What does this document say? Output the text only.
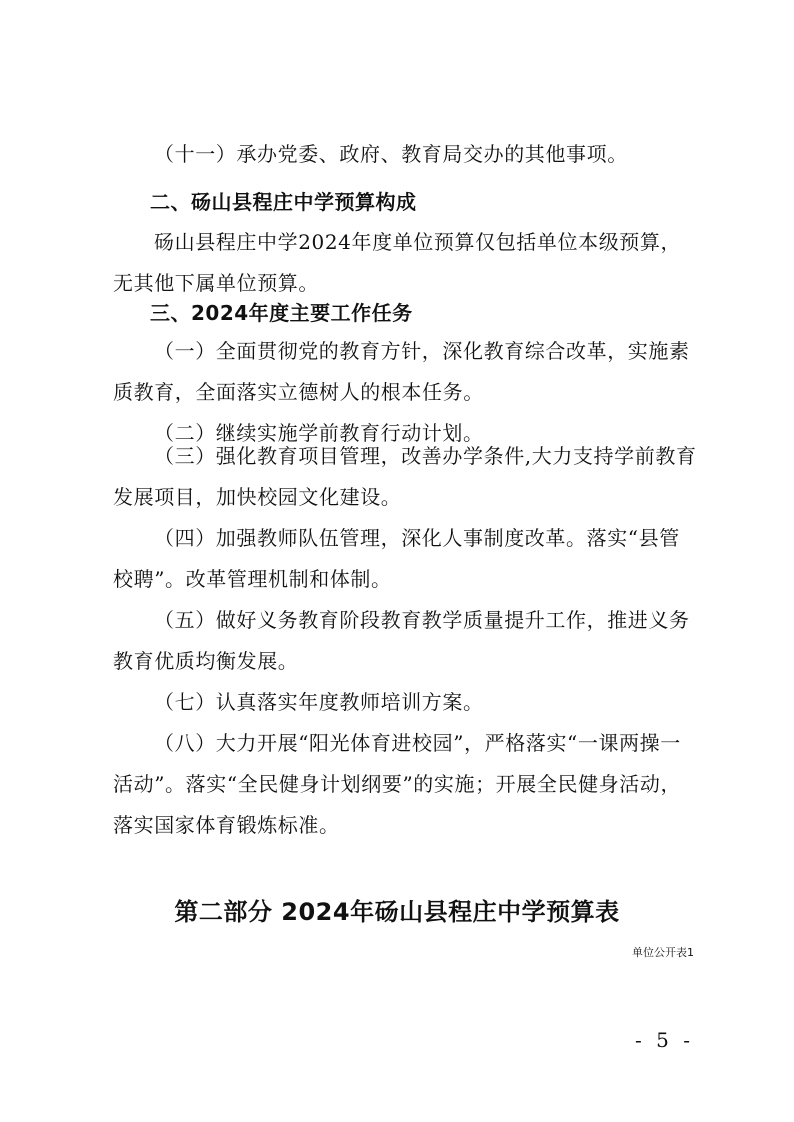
（十一）承办党委、政府、教育局交办的其他事项。

二、砀山县程庄中学预算构成

砀山县程庄中学2024年度单位预算仅包括单位本级预算，无其他下属单位预算。

三、2024年度主要工作任务

（一）全面贯彻党的教育方针，深化教育综合改革，实施素质教育，全面落实立德树人的根本任务。

（二）继续实施学前教育行动计划。

（三）强化教育项目管理，改善办学条件,大力支持学前教育发展项目，加快校园文化建设。

（四）加强教师队伍管理，深化人事制度改革。落实“县管校聘”。改革管理机制和体制。

（五）做好义务教育阶段教育教学质量提升工作，推进义务教育优质均衡发展。

（七）认真落实年度教师培训方案。

（八）大力开展“阳光体育进校园”，严格落实“一课两操一活动”。落实“全民健身计划纲要”的实施；开展全民健身活动，落实国家体育锻炼标准。

第二部分 2024年砀山县程庄中学预算表
单位公开表1
- 5 -
